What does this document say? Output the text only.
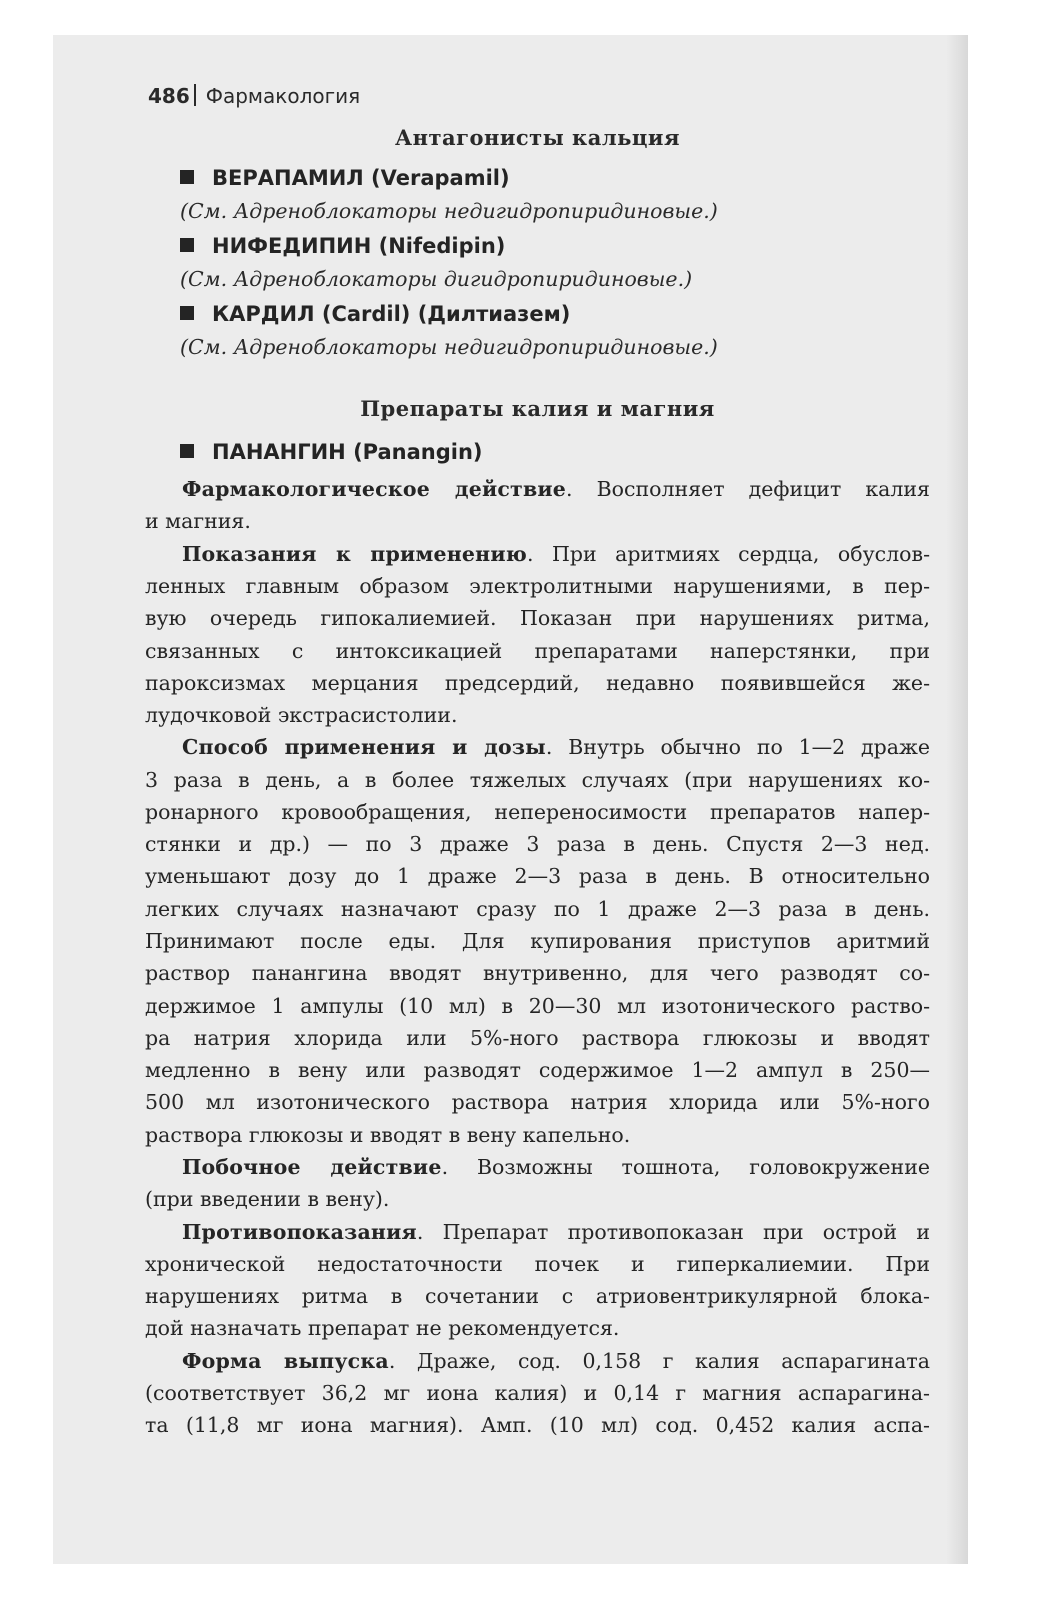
486 Фармакология
Антагонисты кальция
ВЕРАПАМИЛ (Verapamil)
(См. Адреноблокаторы недигидропиридиновые.)
НИФЕДИПИН (Nifedipin)
(См. Адреноблокаторы дигидропиридиновые.)
КАРДИЛ (Cardil) (Дилтиазем)
(См. Адреноблокаторы недигидропиридиновые.)
Препараты калия и магния
ПАНАНГИН (Panangin)
Фармакологическое действие. Восполняет дефицит калия
и магния.
Показания к применению. При аритмиях сердца, обуслов-
ленных главным образом электролитными нарушениями, в пер-
вую очередь гипокалиемией. Показан при нарушениях ритма,
связанных с интоксикацией препаратами наперстянки, при
пароксизмах мерцания предсердий, недавно появившейся же-
лудочковой экстрасистолии.
Способ применения и дозы. Внутрь обычно по 1—2 драже
3 раза в день, а в более тяжелых случаях (при нарушениях ко-
ронарного кровообращения, непереносимости препаратов напер-
стянки и др.) — по 3 драже 3 раза в день. Спустя 2—3 нед.
уменьшают дозу до 1 драже 2—3 раза в день. В относительно
легких случаях назначают сразу по 1 драже 2—3 раза в день.
Принимают после еды. Для купирования приступов аритмий
раствор панангина вводят внутривенно, для чего разводят со-
держимое 1 ампулы (10 мл) в 20—30 мл изотонического раство-
ра натрия хлорида или 5%-ного раствора глюкозы и вводят
медленно в вену или разводят содержимое 1—2 ампул в 250—
500 мл изотонического раствора натрия хлорида или 5%-ного
раствора глюкозы и вводят в вену капельно.
Побочное действие. Возможны тошнота, головокружение
(при введении в вену).
Противопоказания. Препарат противопоказан при острой и
хронической недостаточности почек и гиперкалиемии. При
нарушениях ритма в сочетании с атриовентрикулярной блока-
дой назначать препарат не рекомендуется.
Форма выпуска. Драже, сод. 0,158 г калия аспарагината
(соответствует 36,2 мг иона калия) и 0,14 г магния аспарагина-
та (11,8 мг иона магния). Амп. (10 мл) сод. 0,452 калия аспа-
